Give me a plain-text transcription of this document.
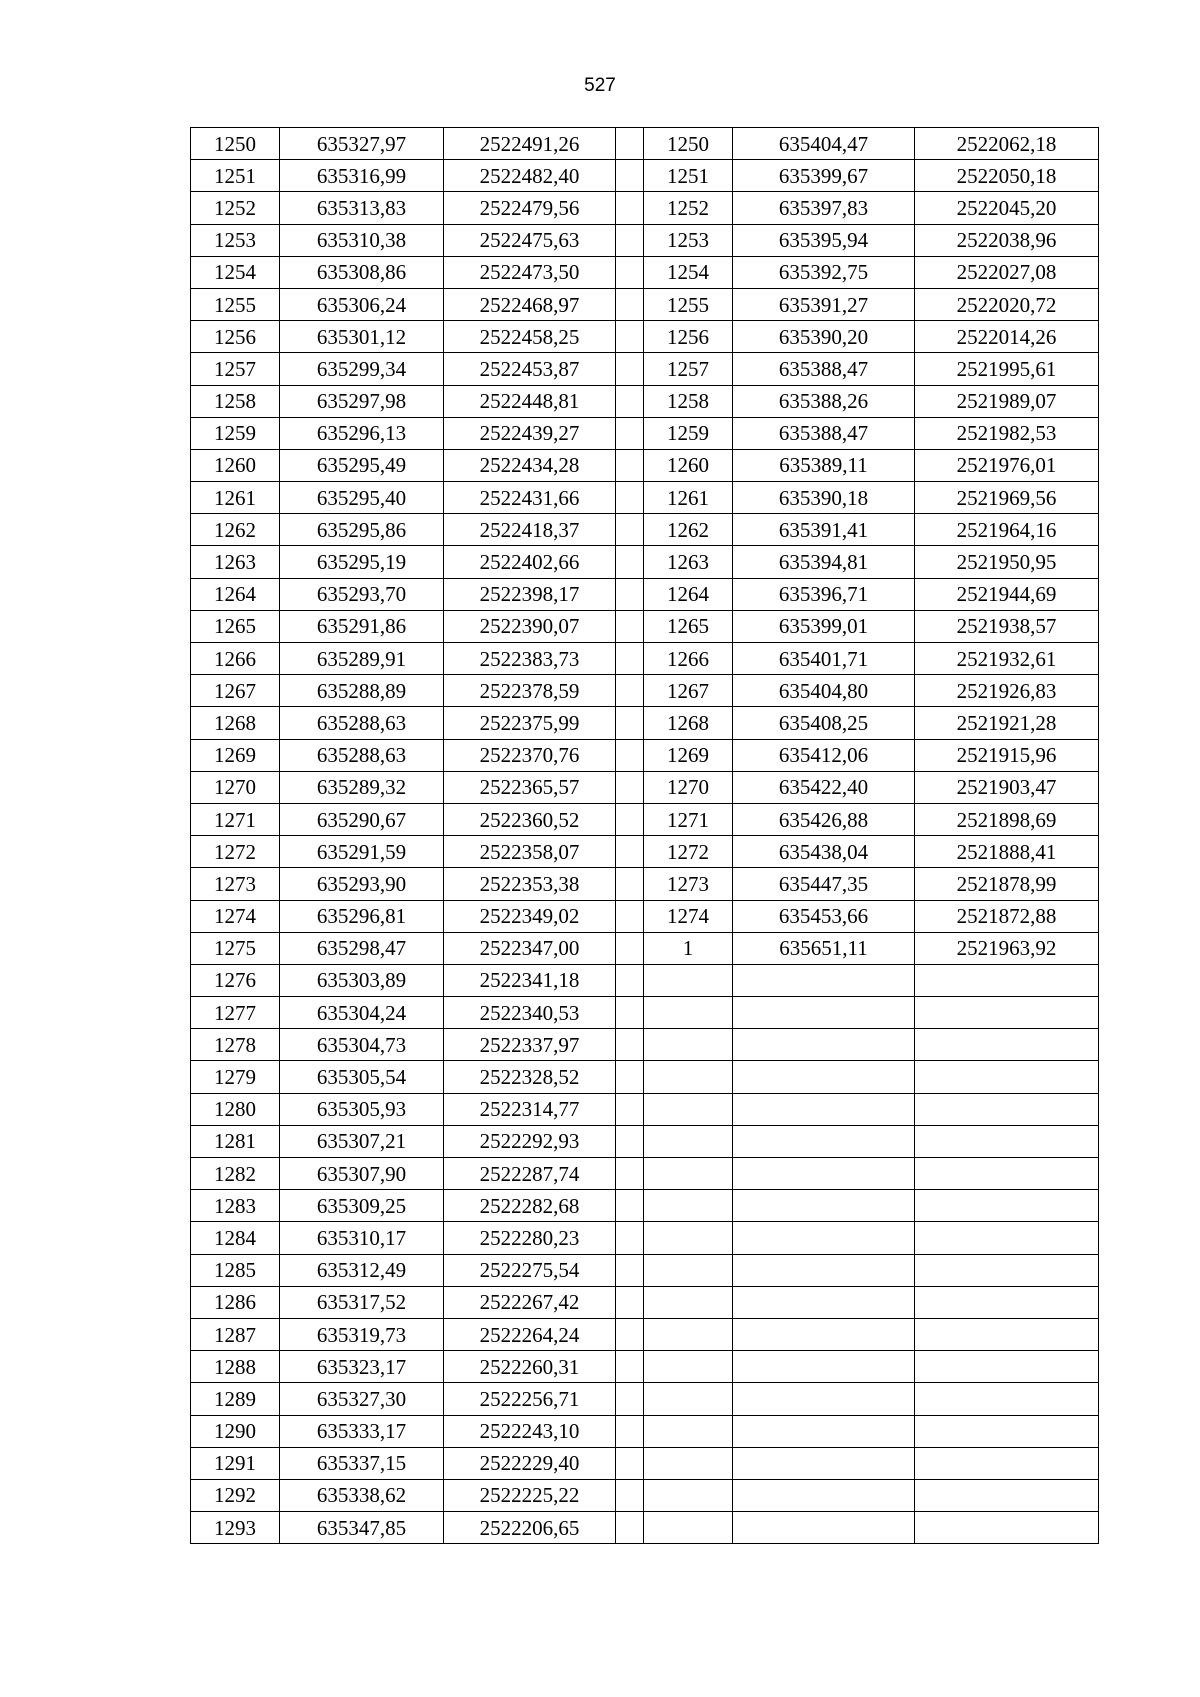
527
1250	635327,97	2522491,26		1250	635404,47	2522062,18
1251	635316,99	2522482,40		1251	635399,67	2522050,18
1252	635313,83	2522479,56		1252	635397,83	2522045,20
1253	635310,38	2522475,63		1253	635395,94	2522038,96
1254	635308,86	2522473,50		1254	635392,75	2522027,08
1255	635306,24	2522468,97		1255	635391,27	2522020,72
1256	635301,12	2522458,25		1256	635390,20	2522014,26
1257	635299,34	2522453,87		1257	635388,47	2521995,61
1258	635297,98	2522448,81		1258	635388,26	2521989,07
1259	635296,13	2522439,27		1259	635388,47	2521982,53
1260	635295,49	2522434,28		1260	635389,11	2521976,01
1261	635295,40	2522431,66		1261	635390,18	2521969,56
1262	635295,86	2522418,37		1262	635391,41	2521964,16
1263	635295,19	2522402,66		1263	635394,81	2521950,95
1264	635293,70	2522398,17		1264	635396,71	2521944,69
1265	635291,86	2522390,07		1265	635399,01	2521938,57
1266	635289,91	2522383,73		1266	635401,71	2521932,61
1267	635288,89	2522378,59		1267	635404,80	2521926,83
1268	635288,63	2522375,99		1268	635408,25	2521921,28
1269	635288,63	2522370,76		1269	635412,06	2521915,96
1270	635289,32	2522365,57		1270	635422,40	2521903,47
1271	635290,67	2522360,52		1271	635426,88	2521898,69
1272	635291,59	2522358,07		1272	635438,04	2521888,41
1273	635293,90	2522353,38		1273	635447,35	2521878,99
1274	635296,81	2522349,02		1274	635453,66	2521872,88
1275	635298,47	2522347,00		1	635651,11	2521963,92
1276	635303,89	2522341,18				
1277	635304,24	2522340,53				
1278	635304,73	2522337,97				
1279	635305,54	2522328,52				
1280	635305,93	2522314,77				
1281	635307,21	2522292,93				
1282	635307,90	2522287,74				
1283	635309,25	2522282,68				
1284	635310,17	2522280,23				
1285	635312,49	2522275,54				
1286	635317,52	2522267,42				
1287	635319,73	2522264,24				
1288	635323,17	2522260,31				
1289	635327,30	2522256,71				
1290	635333,17	2522243,10				
1291	635337,15	2522229,40				
1292	635338,62	2522225,22				
1293	635347,85	2522206,65				
